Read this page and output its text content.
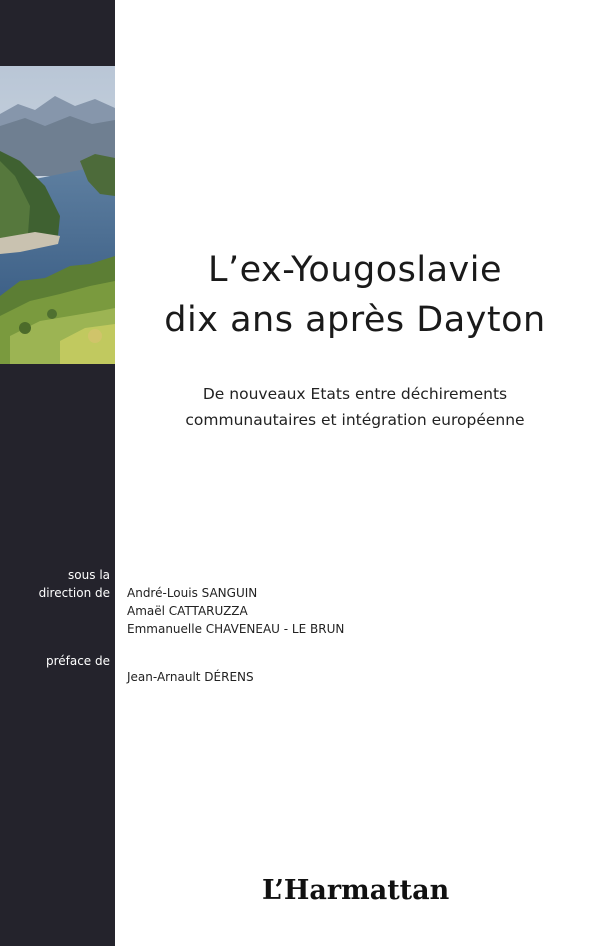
L’ex-Yougoslavie
dix ans après Dayton
De nouveaux Etats entre déchirements
communautaires et intégration européenne
sous la
direction de André-Louis SANGUIN
Amaël CATTARUZZA
Emmanuelle CHAVENEAU - LE BRUN
préface de
Jean-Arnault DÉRENS
L’Harmattan
